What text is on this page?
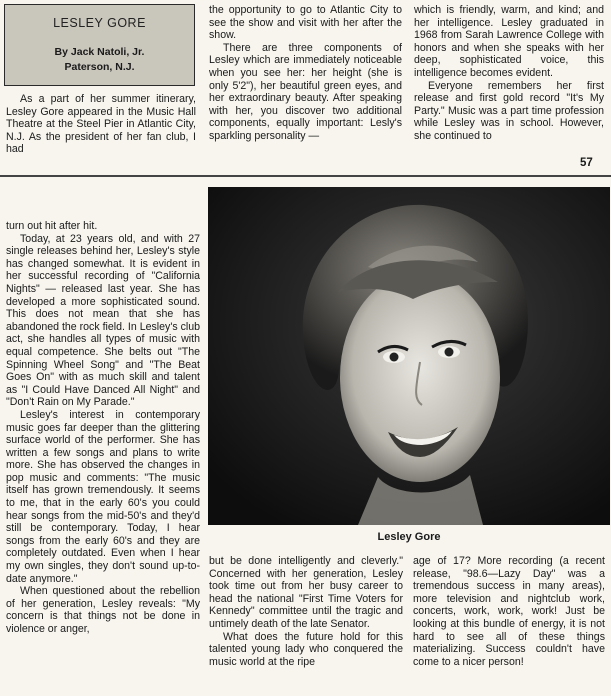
LESLEY GORE
By Jack Natoli, Jr.
Paterson, N.J.

As a part of her summer itinerary, Lesley Gore appeared in the Music Hall Theatre at the Steel Pier in Atlantic City, N.J. As the president of her fan club, I had

the opportunity to go to Atlantic City to see the show and visit with her after the show.

There are three components of Lesley which are immediately noticeable when you see her: her height (she is only 5'2"), her beautiful green eyes, and her extraordinary beauty. After speaking with her, you discover two additional components, equally important: Lesly's sparkling personality —

which is friendly, warm, and kind; and her intelligence. Lesley graduated in 1968 from Sarah Lawrence College with honors and when she speaks with her deep, sophisticated voice, this intelligence becomes evident.

Everyone remembers her first release and first gold record "It's My Party." Music was a part time profession while Lesley was in school. However, she continued to

57

turn out hit after hit.

Today, at 23 years old, and with 27 single releases behind her, Lesley's style has changed somewhat. It is evident in her successful recording of "California Nights" — released last year. She has developed a more sophisticated sound. This does not mean that she has abandoned the rock field. In Lesley's club act, she handles all types of music with equal competence. She belts out "The Spinning Wheel Song" and "The Beat Goes On" with as much skill and talent as "I Could Have Danced All Night" and "Don't Rain on My Parade."

Lesley's interest in contemporary music goes far deeper than the glittering surface world of the performer. She has written a few songs and plans to write more. She has observed the changes in pop music and comments: "The music itself has grown tremendously. It seems to me, that in the early 60's you could hear songs from the mid-50's and they'd still be contemporary. Today, I hear songs from the early 60's and they are completely outdated. Even when I hear my own singles, they don't sound up-to-date anymore."

When questioned about the rebellion of her generation, Lesley reveals: "My concern is that things not be done in violence or anger,

Lesley Gore

but be done intelligently and cleverly." Concerned with her generation, Lesley took time out from her busy career to head the national "First Time Voters for Kennedy" committee until the tragic and untimely death of the late Senator.

What does the future hold for this talented young lady who conquered the music world at the ripe

age of 17? More recording (a recent release, "98.6—Lazy Day" was a tremendous success in many areas), more television and nightclub work, concerts, work, work, work! Just be looking at this bundle of energy, it is not hard to see all of these things materializing. Success couldn't have come to a nicer person!
